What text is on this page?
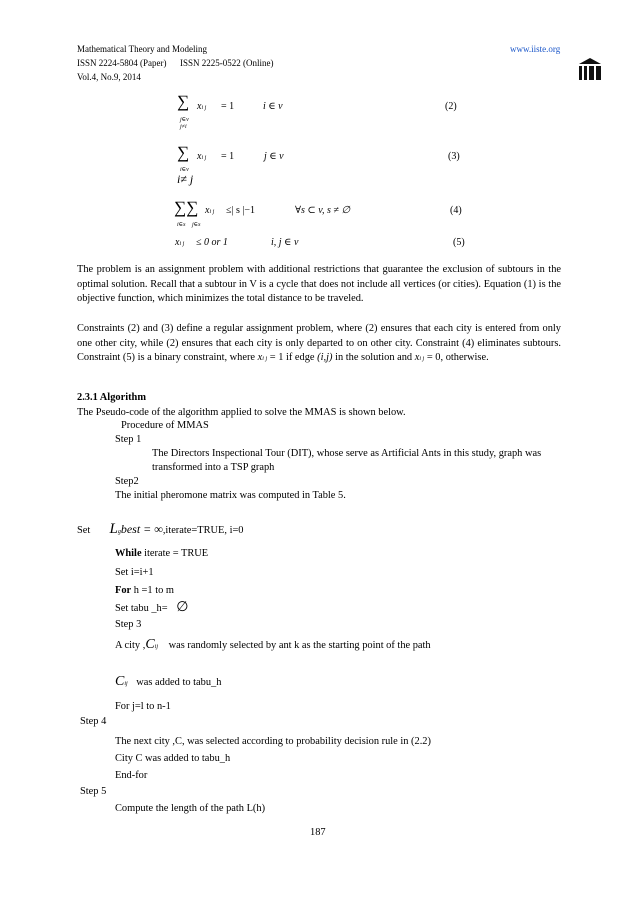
Mathematical Theory and Modeling
ISSN 2224-5804 (Paper)      ISSN 2225-0522 (Online)
Vol.4, No.9, 2014
www.iiste.org
∑ xi j = 1
j∈v
j≠i
i ∈ v	(2)
∑ xi j = 1
i∈v
i≠ j
j ∈ v	(3)
∑∑ xi j ≤| s |−1
i∈s j∈s
∀s ⊂ v, s ≠ ∅	(4)
xi j ≤ 0 or 1	i, j ∈ v	(5)
The problem is an assignment problem with additional restrictions that guarantee the exclusion of subtours in the optimal solution. Recall that a subtour in V is a cycle that does not include all vertices (or cities). Equation (1) is the objective function, which minimizes the total distance to be traveled.
Constraints (2) and (3) define a regular assignment problem, where (2) ensures that each city is entered from only one other city, while (2) ensures that each city is only departed to on other city. Constraint (4) eliminates subtours. Constraint (5) is a binary constraint, where xi j = 1 if edge (i,j) in the solution and xi j = 0, otherwise.
2.3.1 Algorithm
The Pseudo-code of the algorithm applied to solve the MMAS is shown below.
Procedure of MMAS
Step 1
The Directors Inspectional Tour (DIT), whose serve as Artificial Ants in this study, graph was
transformed into a TSP graph
Step2
The initial pheromone matrix was computed in Table 5.
Set Lgbest = ∞,iterate=TRUE, i=0
While iterate = TRUE
Set i=i+1
For h =1 to m
Set tabu _h= ∅
Step 3
A city ,Cij was randomly selected by ant k as the starting point of the path
Cij was added to tabu_h
For j=l to n-1
Step 4
The next city ,C, was selected according to probability decision rule in (2.2)
City C was added to tabu_h
End-for
Step 5
Compute the length of the path L(h)
187
